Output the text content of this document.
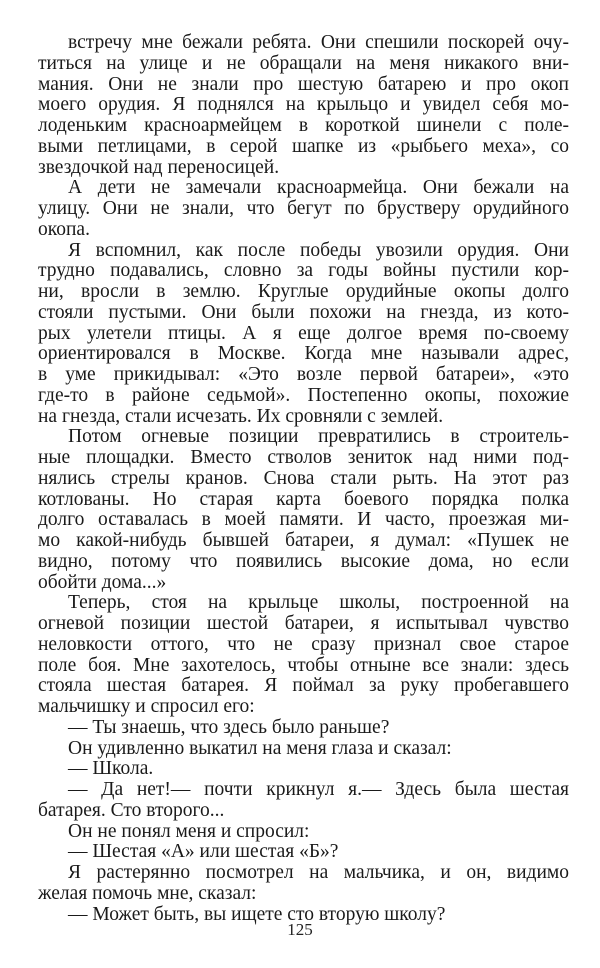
встречу мне бежали ребята. Они спешили поскорей очу-
титься на улице и не обращали на меня никакого вни-
мания. Они не знали про шестую батарею и про окоп
моего орудия. Я поднялся на крыльцо и увидел себя мо-
лоденьким красноармейцем в короткой шинели с поле-
выми петлицами, в серой шапке из «рыбьего меха», со
звездочкой над переносицей.
А дети не замечали красноармейца. Они бежали на
улицу. Они не знали, что бегут по брустверу орудийного
окопа.
Я вспомнил, как после победы увозили орудия. Они
трудно подавались, словно за годы войны пустили кор-
ни, вросли в землю. Круглые орудийные окопы долго
стояли пустыми. Они были похожи на гнезда, из кото-
рых улетели птицы. А я еще долгое время по-своему
ориентировался в Москве. Когда мне называли адрес,
в уме прикидывал: «Это возле первой батареи», «это
где-то в районе седьмой». Постепенно окопы, похожие
на гнезда, стали исчезать. Их сровняли с землей.
Потом огневые позиции превратились в строитель-
ные площадки. Вместо стволов зениток над ними под-
нялись стрелы кранов. Снова стали рыть. На этот раз
котлованы. Но старая карта боевого порядка полка
долго оставалась в моей памяти. И часто, проезжая ми-
мо какой-нибудь бывшей батареи, я думал: «Пушек не
видно, потому что появились высокие дома, но если
обойти дома...»
Теперь, стоя на крыльце школы, построенной на
огневой позиции шестой батареи, я испытывал чувство
неловкости оттого, что не сразу признал свое старое
поле боя. Мне захотелось, чтобы отныне все знали: здесь
стояла шестая батарея. Я поймал за руку пробегавшего
мальчишку и спросил его:
— Ты знаешь, что здесь было раньше?
Он удивленно выкатил на меня глаза и сказал:
— Школа.
— Да нет!— почти крикнул я.— Здесь была шестая
батарея. Сто второго...
Он не понял меня и спросил:
— Шестая «А» или шестая «Б»?
Я растерянно посмотрел на мальчика, и он, видимо
желая помочь мне, сказал:
— Может быть, вы ищете сто вторую школу?
125
